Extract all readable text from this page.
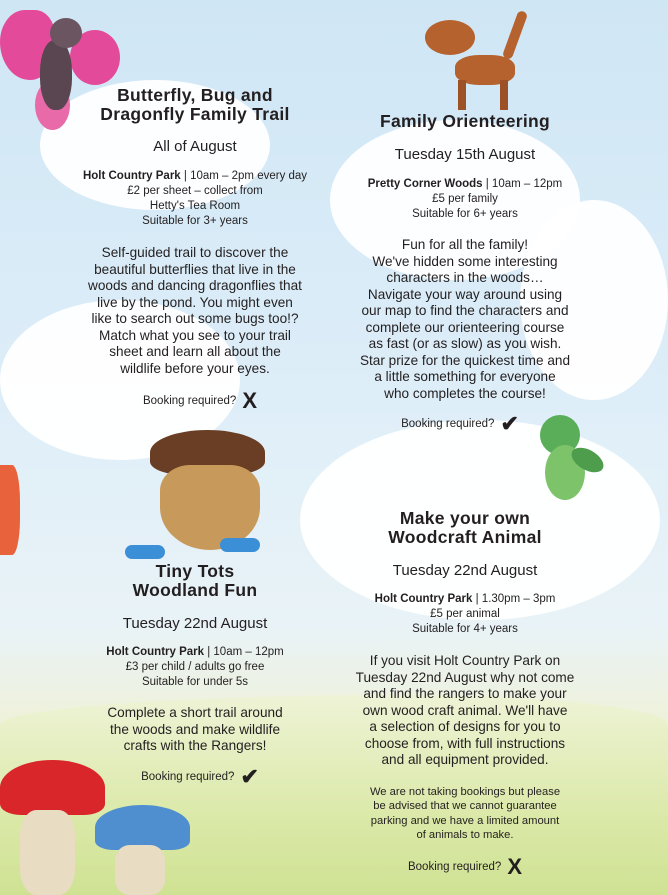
Butterfly, Bug and
Dragonfly Family Trail
All of August
Holt Country Park | 10am – 2pm every day
£2 per sheet – collect from
Hetty's Tea Room
Suitable for 3+ years
Self-guided trail to discover the
beautiful butterflies that live in the
woods and dancing dragonflies that
live by the pond. You might even
like to search out some bugs too!?
Match what you see to your trail
sheet and learn all about the
wildlife before your eyes.
Booking required? X
Family Orienteering
Tuesday 15th August
Pretty Corner Woods | 10am – 12pm
£5 per family
Suitable for 6+ years
Fun for all the family!
We've hidden some interesting
characters in the woods…
Navigate your way around using
our map to find the characters and
complete our orienteering course
as fast (or as slow) as you wish.
Star prize for the quickest time and
a little something for everyone
who completes the course!
Booking required? ✔
Tiny Tots
Woodland Fun
Tuesday 22nd August
Holt Country Park | 10am – 12pm
£3 per child / adults go free
Suitable for under 5s
Complete a short trail around
the woods and make wildlife
crafts with the Rangers!
Booking required? ✔
Make your own
Woodcraft Animal
Tuesday 22nd August
Holt Country Park | 1.30pm – 3pm
£5 per animal
Suitable for 4+ years
If you visit Holt Country Park on
Tuesday 22nd August why not come
and find the rangers to make your
own wood craft animal. We'll have
a selection of designs for you to
choose from, with full instructions
and all equipment provided.
We are not taking bookings but please
be advised that we cannot guarantee
parking and we have a limited amount
of animals to make.
Booking required? X
